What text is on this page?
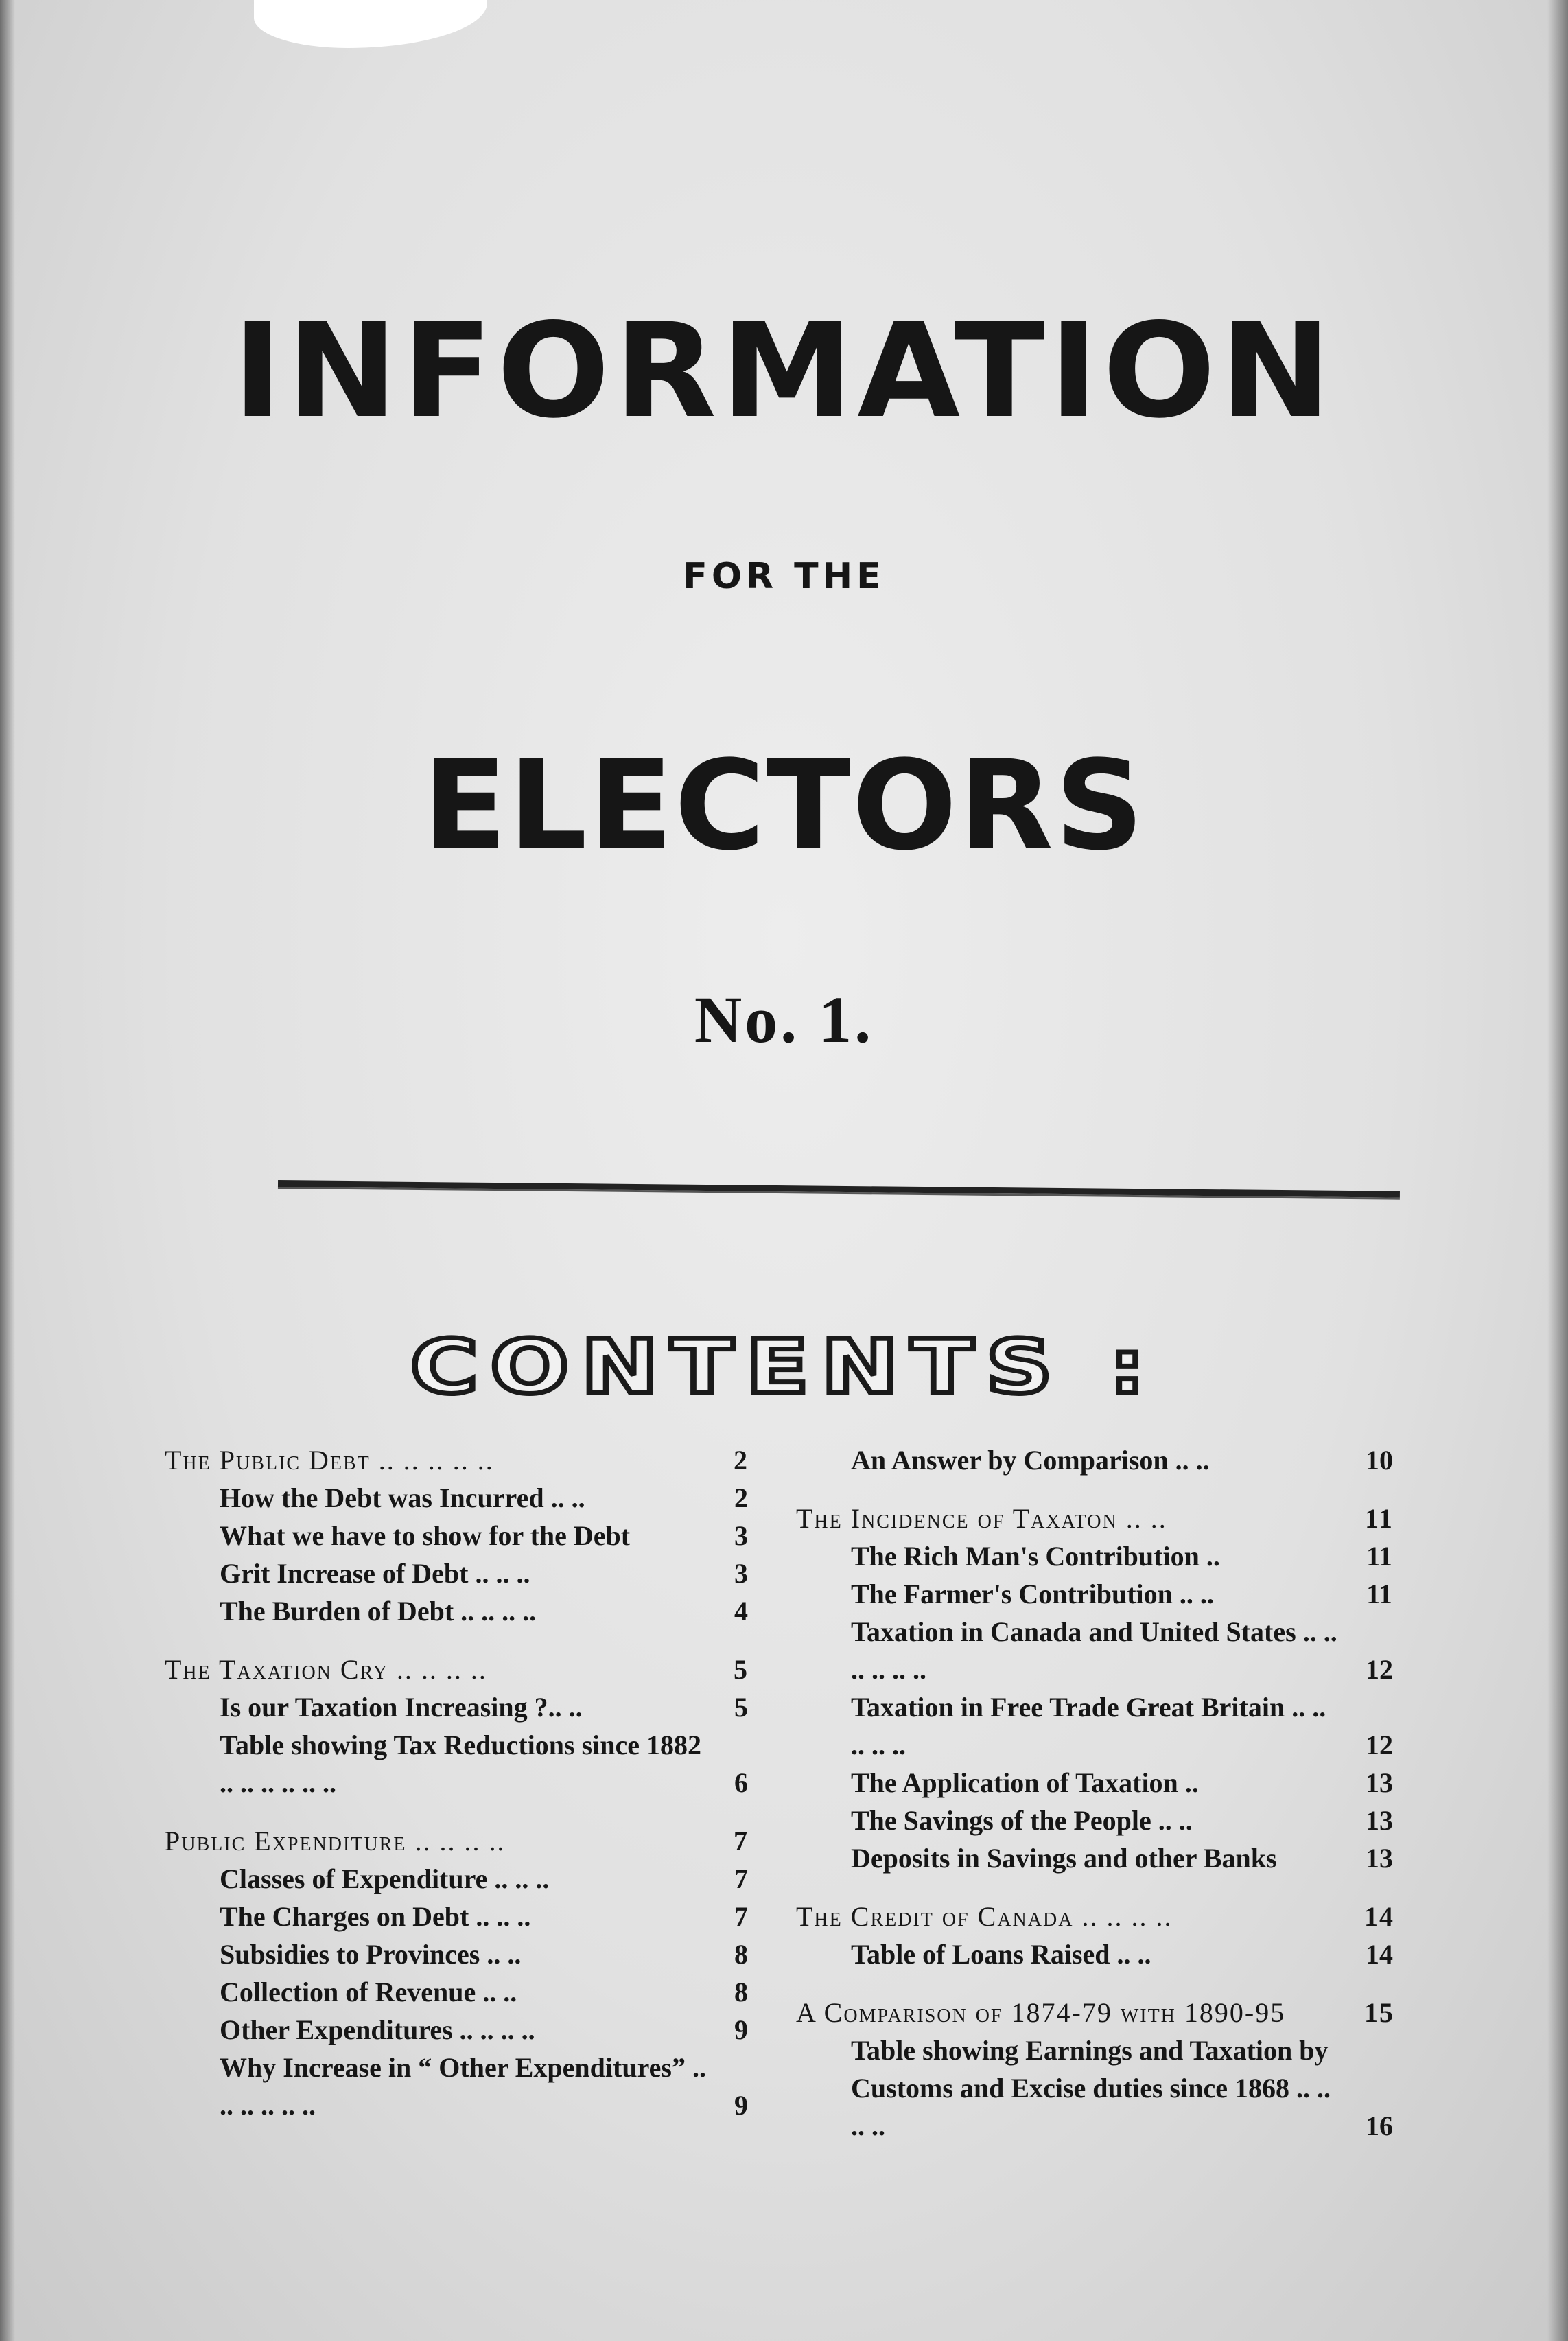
INFORMATION
FOR THE
ELECTORS
No. 1.
CONTENTS :
The Public Debt .. .. .. .. ..	2
How the Debt was Incurred .. ..	2
What we have to show for the Debt	3
Grit Increase of Debt .. .. ..	3
The Burden of Debt .. .. .. ..	4
The Taxation Cry .. .. .. ..	5
Is our Taxation Increasing ?.. ..	5
Table showing Tax Reductions since 1882 .. .. .. .. .. ..	6
Public Expenditure .. .. .. ..	7
Classes of Expenditure .. .. ..	7
The Charges on Debt .. .. ..	7
Subsidies to Provinces .. ..	8
Collection of Revenue .. ..	8
Other Expenditures .. .. .. ..	9
Why Increase in “ Other Expenditures” .. .. .. .. .. ..	9
An Answer by Comparison .. ..	10
The Incidence of Taxaton .. ..	11
The Rich Man's Contribution ..	11
The Farmer's Contribution .. ..	11
Taxation in Canada and United States .. .. .. .. .. ..	12
Taxation in Free Trade Great Britain .. .. .. .. ..	12
The Application of Taxation ..	13
The Savings of the People .. ..	13
Deposits in Savings and other Banks	13
The Credit of Canada .. .. .. ..	14
Table of Loans Raised .. ..	14
A Comparison of 1874-79 with 1890-95	15
Table showing Earnings and Taxation by Customs and Excise duties since 1868 .. .. .. ..	16
